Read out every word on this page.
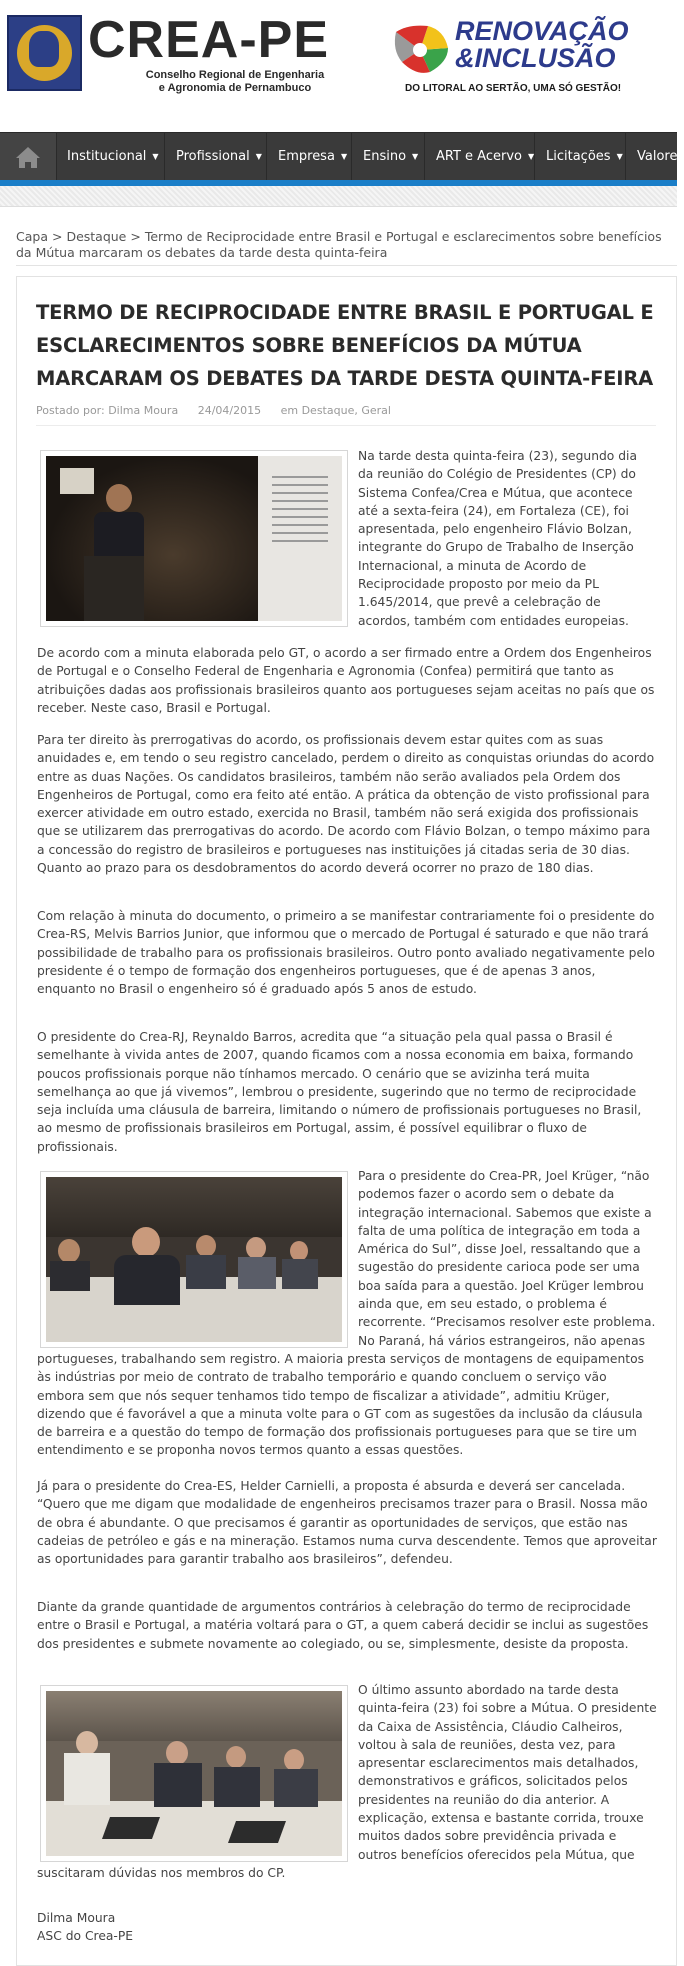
CREA-PE
Conselho Regional de Engenharia
e Agronomia de Pernambuco
RENOVAÇÃO
&INCLUSÃO
DO LITORAL AO SERTÃO, UMA SÓ GESTÃO!
Institucional ▼	Profissional ▼	Empresa ▼	Ensino ▼	ART e Acervo ▼ Licitações ▼	Valores
Capa > Destaque > Termo de Reciprocidade entre Brasil e Portugal e esclarecimentos sobre benefícios da Mútua marcaram os debates da tarde desta quinta-feira
TERMO DE RECIPROCIDADE ENTRE BRASIL E PORTUGAL E ESCLARECIMENTOS SOBRE BENEFÍCIOS DA MÚTUA MARCARAM OS DEBATES DA TARDE DESTA QUINTA-FEIRA
Postado por: Dilma Moura 24/04/2015 em Destaque, Geral

Na tarde desta quinta-feira (23), segundo dia da reunião do Colégio de Presidentes (CP) do Sistema Confea/Crea e Mútua, que acontece até a sexta-feira (24), em Fortaleza (CE), foi apresentada, pelo engenheiro Flávio Bolzan, integrante do Grupo de Trabalho de Inserção Internacional, a minuta de Acordo de Reciprocidade proposto por meio da PL 1.645/2014, que prevê a celebração de acordos, também com entidades europeias.

De acordo com a minuta elaborada pelo GT, o acordo a ser firmado entre a Ordem dos Engenheiros de Portugal e o Conselho Federal de Engenharia e Agronomia (Confea) permitirá que tanto as atribuições dadas aos profissionais brasileiros quanto aos portugueses sejam aceitas no país que os receber. Neste caso, Brasil e Portugal.

Para ter direito às prerrogativas do acordo, os profissionais devem estar quites com as suas anuidades e, em tendo o seu registro cancelado, perdem o direito as conquistas oriundas do acordo entre as duas Nações. Os candidatos brasileiros, também não serão avaliados pela Ordem dos Engenheiros de Portugal, como era feito até então. A prática da obtenção de visto profissional para exercer atividade em outro estado, exercida no Brasil, também não será exigida dos profissionais que se utilizarem das prerrogativas do acordo. De acordo com Flávio Bolzan, o tempo máximo para a concessão do registro de brasileiros e portugueses nas instituições já citadas seria de 30 dias. Quanto ao prazo para os desdobramentos do acordo deverá ocorrer no prazo de 180 dias.

Com relação à minuta do documento, o primeiro a se manifestar contrariamente foi o presidente do Crea-RS, Melvis Barrios Junior, que informou que o mercado de Portugal é saturado e que não trará possibilidade de trabalho para os profissionais brasileiros. Outro ponto avaliado negativamente pelo presidente é o tempo de formação dos engenheiros portugueses, que é de apenas 3 anos, enquanto no Brasil o engenheiro só é graduado após 5 anos de estudo.

O presidente do Crea-RJ, Reynaldo Barros, acredita que “a situação pela qual passa o Brasil é semelhante à vivida antes de 2007, quando ficamos com a nossa economia em baixa, formando poucos profissionais porque não tínhamos mercado. O cenário que se avizinha terá muita semelhança ao que já vivemos”, lembrou o presidente, sugerindo que no termo de reciprocidade seja incluída uma cláusula de barreira, limitando o número de profissionais portugueses no Brasil, ao mesmo de profissionais brasileiros em Portugal, assim, é possível equilibrar o fluxo de profissionais.

Para o presidente do Crea-PR, Joel Krüger, “não podemos fazer o acordo sem o debate da integração internacional. Sabemos que existe a falta de uma política de integração em toda a América do Sul”, disse Joel, ressaltando que a sugestão do presidente carioca pode ser uma boa saída para a questão. Joel Krüger lembrou ainda que, em seu estado, o problema é recorrente. “Precisamos resolver este problema. No Paraná, há vários estrangeiros, não apenas portugueses, trabalhando sem registro. A maioria presta serviços de montagens de equipamentos às indústrias por meio de contrato de trabalho temporário e quando concluem o serviço vão embora sem que nós sequer tenhamos tido tempo de fiscalizar a atividade”, admitiu Krüger, dizendo que é favorável a que a minuta volte para o GT com as sugestões da inclusão da cláusula de barreira e a questão do tempo de formação dos profissionais portugueses para que se tire um entendimento e se proponha novos termos quanto a essas questões.

Já para o presidente do Crea-ES, Helder Carnielli, a proposta é absurda e deverá ser cancelada. “Quero que me digam que modalidade de engenheiros precisamos trazer para o Brasil. Nossa mão de obra é abundante. O que precisamos é garantir as oportunidades de serviços, que estão nas cadeias de petróleo e gás e na mineração. Estamos numa curva descendente. Temos que aproveitar as oportunidades para garantir trabalho aos brasileiros”, defendeu.

Diante da grande quantidade de argumentos contrários à celebração do termo de reciprocidade entre o Brasil e Portugal, a matéria voltará para o GT, a quem caberá decidir se inclui as sugestões dos presidentes e submete novamente ao colegiado, ou se, simplesmente, desiste da proposta.

O último assunto abordado na tarde desta quinta-feira (23) foi sobre a Mútua. O presidente da Caixa de Assistência, Cláudio Calheiros, voltou à sala de reuniões, desta vez, para apresentar esclarecimentos mais detalhados, demonstrativos e gráficos, solicitados pelos presidentes na reunião do dia anterior. A explicação, extensa e bastante corrida, trouxe muitos dados sobre previdência privada e outros benefícios oferecidos pela Mútua, que suscitaram dúvidas nos membros do CP.

Dilma Moura
ASC do Crea-PE
